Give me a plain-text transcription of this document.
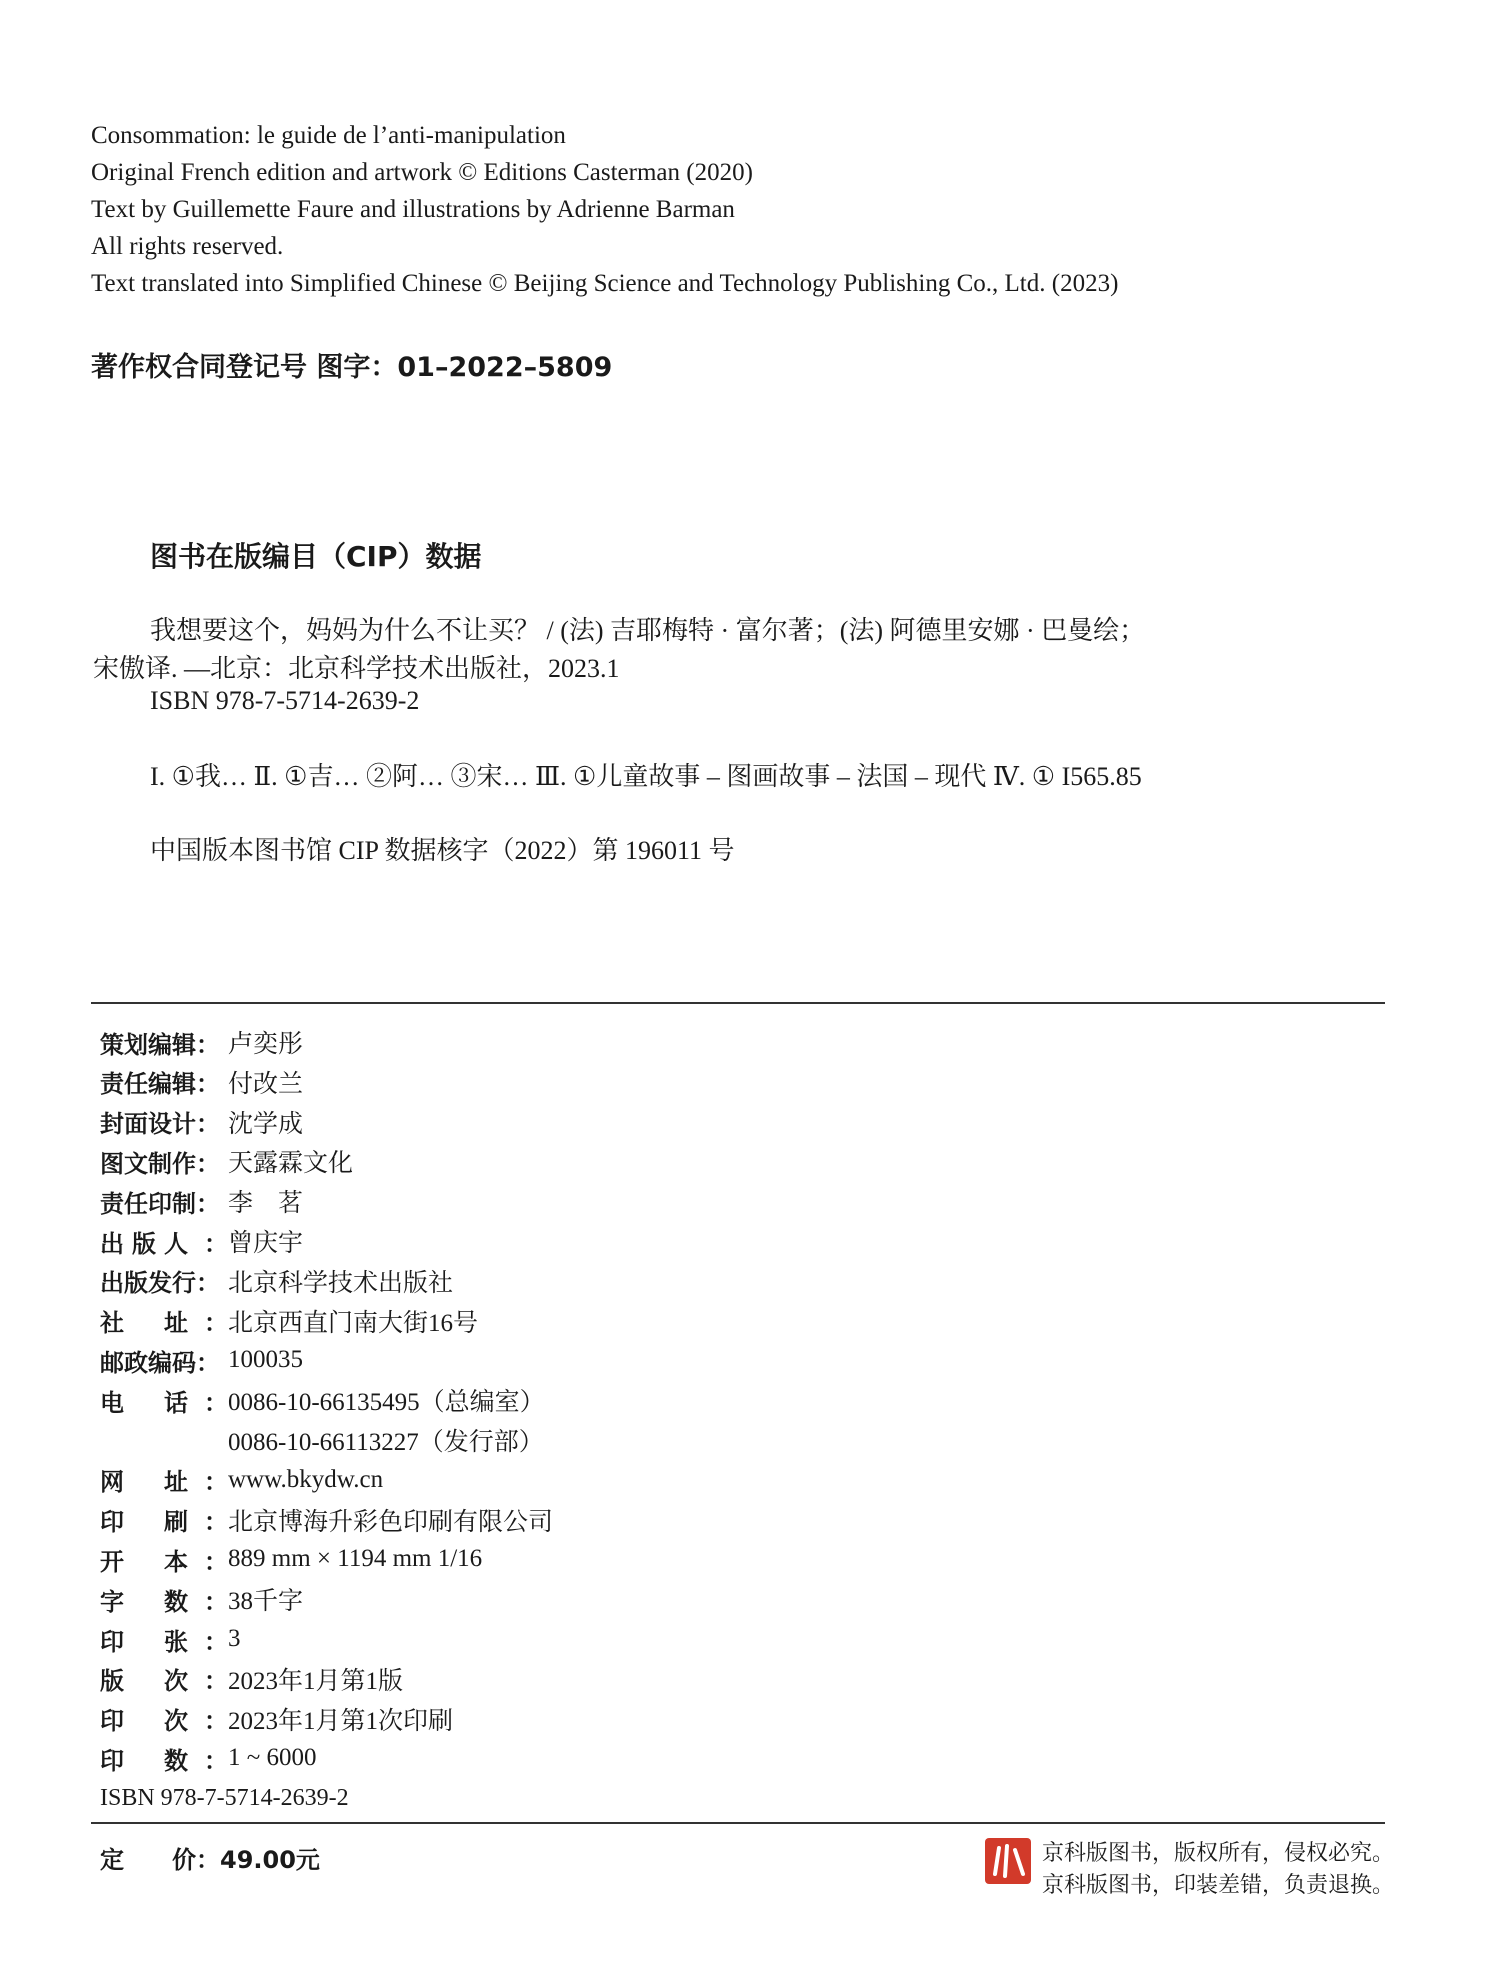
Consommation: le guide de l’anti-manipulation
Original French edition and artwork © Editions Casterman (2020)
Text by Guillemette Faure and illustrations by Adrienne Barman
All rights reserved.
Text translated into Simplified Chinese © Beijing Science and Technology Publishing Co., Ltd. (2023)
著作权合同登记号 图字：01–2022–5809
图书在版编目（CIP）数据
我想要这个，妈妈为什么不让买？ / (法) 吉耶梅特 · 富尔著；(法) 阿德里安娜 · 巴曼绘；
宋傲译. —北京：北京科学技术出版社，2023.1
ISBN 978-7-5714-2639-2
I. ①我… Ⅱ. ①吉… ②阿… ③宋… Ⅲ. ①儿童故事 – 图画故事 – 法国 – 现代 Ⅳ. ① I565.85
中国版本图书馆 CIP 数据核字（2022）第 196011 号
策划编辑： 卢奕彤
责任编辑： 付改兰
封面设计： 沈学成
图文制作： 天露霖文化
责任印制： 李　茗
出 版 人 ： 曾庆宇
出版发行： 北京科学技术出版社
社 址 ： 北京西直门南大街16号
邮政编码： 100035
电 话 ： 0086-10-66135495（总编室）
0086-10-66113227（发行部）
网 址 ： www.bkydw.cn
印 刷 ： 北京博海升彩色印刷有限公司
开 本 ： 889 mm × 1194 mm 1/16
字 数 ： 38千字
印 张 ： 3
版 次 ： 2023年1月第1版
印 次 ： 2023年1月第1次印刷
印 数 ： 1 ~ 6000
ISBN 978-7-5714-2639-2
定　　价： 49.00元	京科版图书，版权所有，侵权必究。
京科版图书，印装差错，负责退换。
